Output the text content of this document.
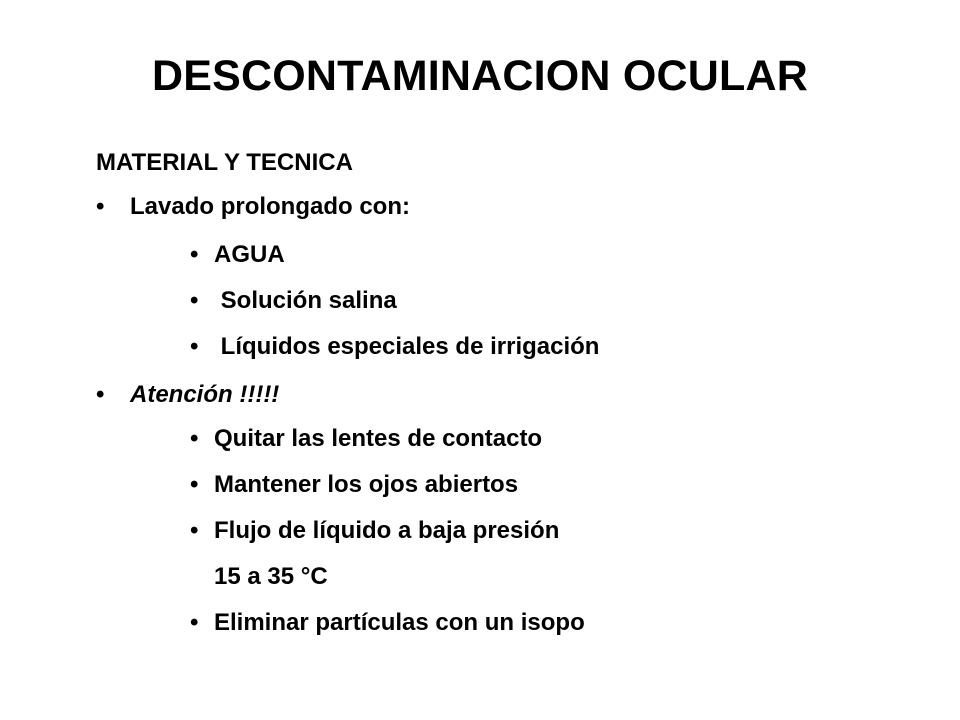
DESCONTAMINACION OCULAR
MATERIAL Y TECNICA
• Lavado prolongado con:
• AGUA
• Solución salina
• Líquidos especiales de irrigación
• Atención !!!!!
• Quitar las lentes de contacto
• Mantener los ojos abiertos
• Flujo de líquido a baja presión
15 a 35 °C
• Eliminar partículas con un isopo
